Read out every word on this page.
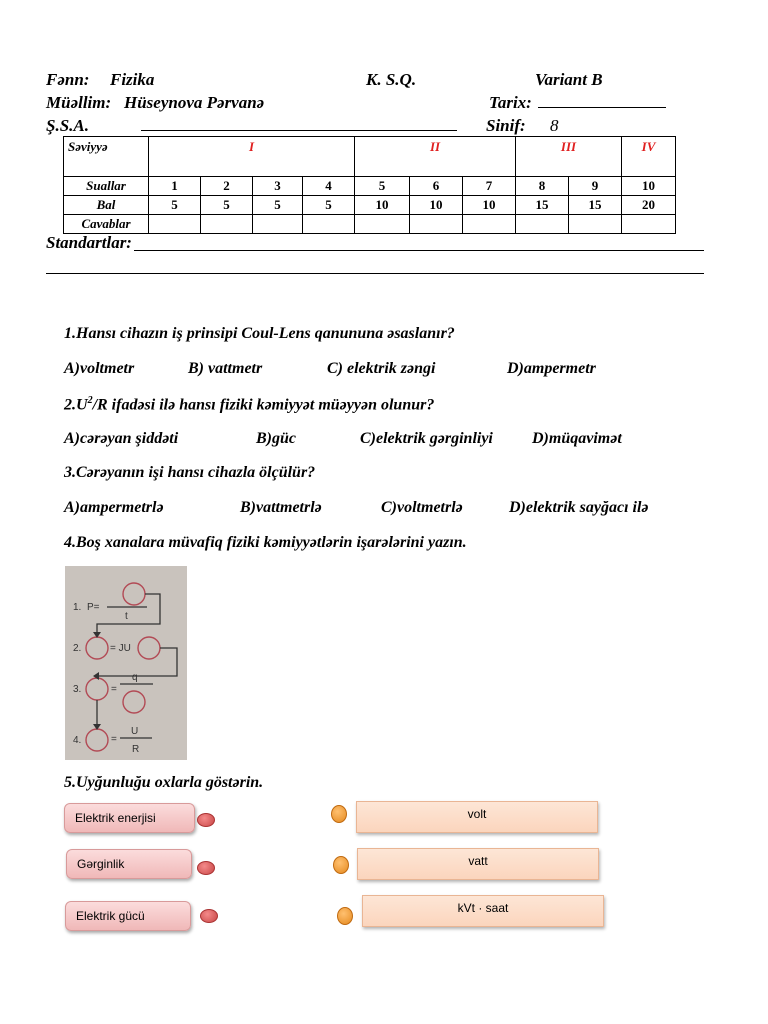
Fənn: Fizika	K. S.Q.	Variant B
Müəllim: Hüseynova Pərvanə	Tarix:
Ş.S.A.	Sinif: 8
Səviyyə	I				II			III		IV
Suallar	1	2	3	4	5	6	7	8	9	10
Bal	5	5	5	5	10	10	10	15	15	20
Cavablar										
Standartlar:
1.Hansı cihazın iş prinsipi Coul-Lens qanununa əsaslanır?
A)voltmetr	B) vattmetr	C) elektrik zəngi	D)ampermetr
$2.U^2/R$ ifadəsi ilə hansı fiziki kəmiyyət müəyyən olunur?
A)cərəyan şiddəti	B)güc	C)elektrik gərginliyi D)müqavimət
3.Cərəyanın işi hansı cihazla ölçülür?
A)ampermetrlə	B)vattmetrlə	C)voltmetrlə	D)elektrik sayğacı ilə
4.Boş xanalara müvafiq fiziki kəmiyyətlərin işarələrini yazın.
1. P=
t
2.	= JU
3.	=
q
4.	=
U
R
5.Uyğunluğu oxlarla göstərin.
Elektrik enerjisi
Gərginlik
Elektrik gücü
volt
vatt
kVt · saat
